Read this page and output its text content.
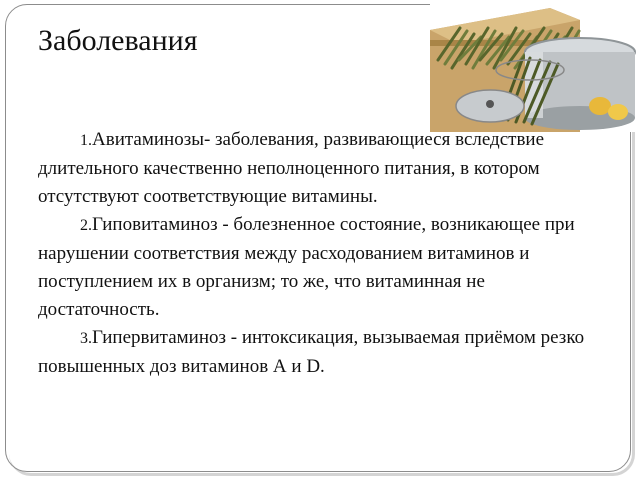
Заболевания

1.Авитаминозы- заболевания, развивающиеся вследствие длительного качественно неполноценного питания, в котором отсутствуют соответствующие витамины.

2.Гиповитаминоз - болезненное состояние, возникающее при нарушении соответствия между расходованием витаминов и поступлением их в организм; то же, что витаминная не достаточность.

3.Гипервитаминоз - интоксикация, вызываемая приёмом резко повышенных доз витаминов А и D.
